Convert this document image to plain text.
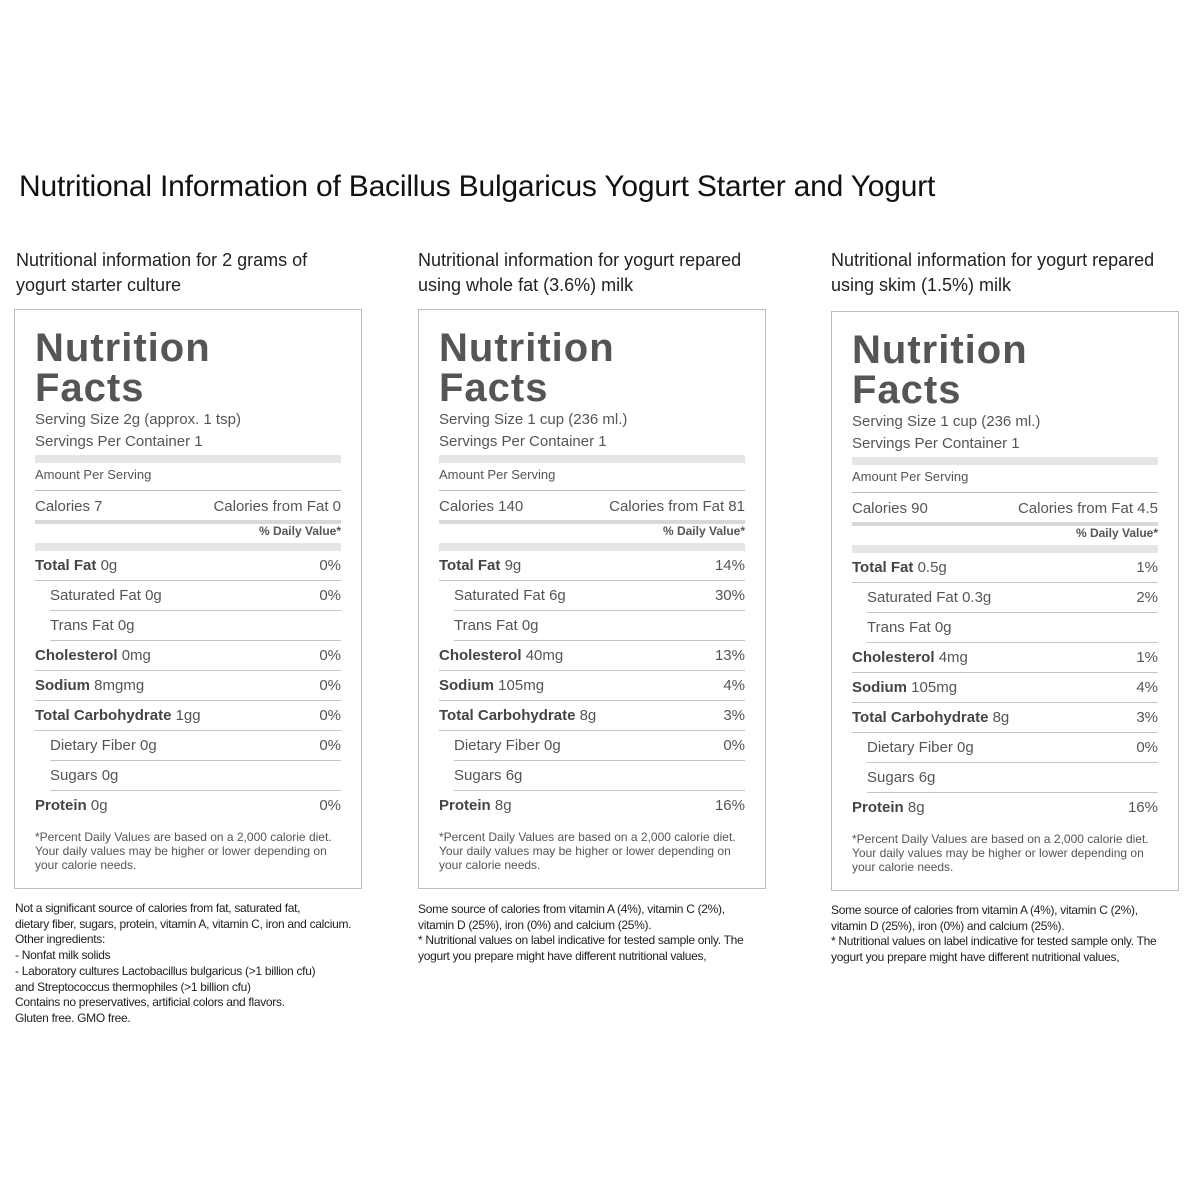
Nutritional Information of Bacillus Bulgaricus Yogurt Starter and Yogurt
Nutritional information for 2 grams of
yogurt starter culture
Nutrition
Facts
Serving Size 2g (approx. 1 tsp)
Servings Per Container 1
Amount Per Serving
Calories 7	Calories from Fat 0
% Daily Value*
Total Fat 0g	0%
Saturated Fat 0g	0%
Trans Fat 0g
Cholesterol 0mg	0%
Sodium 8mgmg	0%
Total Carbohydrate 1gg	0%
Dietary Fiber 0g	0%
Sugars 0g
Protein 0g	0%
*Percent Daily Values are based on a 2,000 calorie diet.
Your daily values may be higher or lower depending on
your calorie needs.
Not a significant source of calories from fat, saturated fat,
dietary fiber, sugars, protein, vitamin A, vitamin C, iron and calcium.
Other ingredients:
- Nonfat milk solids
- Laboratory cultures Lactobacillus bulgaricus (>1 billion cfu)
and Streptococcus thermophiles (>1 billion cfu)
Contains no preservatives, artificial colors and flavors.
Gluten free. GMO free.
Nutritional information for yogurt repared
using whole fat (3.6%) milk
Nutrition
Facts
Serving Size 1 cup (236 ml.)
Servings Per Container 1
Amount Per Serving
Calories 140	Calories from Fat 81
% Daily Value*
Total Fat 9g	14%
Saturated Fat 6g	30%
Trans Fat 0g
Cholesterol 40mg	13%
Sodium 105mg	4%
Total Carbohydrate 8g	3%
Dietary Fiber 0g	0%
Sugars 6g
Protein 8g	16%
*Percent Daily Values are based on a 2,000 calorie diet.
Your daily values may be higher or lower depending on
your calorie needs.
Some source of calories from vitamin A (4%), vitamin C (2%),
vitamin D (25%), iron (0%) and calcium (25%).
* Nutritional values on label indicative for tested sample only. The
yogurt you prepare might have different nutritional values,
Nutritional information for yogurt repared
using skim (1.5%) milk
Nutrition
Facts
Serving Size 1 cup (236 ml.)
Servings Per Container 1
Amount Per Serving
Calories 90	Calories from Fat 4.5
% Daily Value*
Total Fat 0.5g	1%
Saturated Fat 0.3g	2%
Trans Fat 0g
Cholesterol 4mg	1%
Sodium 105mg	4%
Total Carbohydrate 8g	3%
Dietary Fiber 0g	0%
Sugars 6g
Protein 8g	16%
*Percent Daily Values are based on a 2,000 calorie diet.
Your daily values may be higher or lower depending on
your calorie needs.
Some source of calories from vitamin A (4%), vitamin C (2%),
vitamin D (25%), iron (0%) and calcium (25%).
* Nutritional values on label indicative for tested sample only. The
yogurt you prepare might have different nutritional values,
